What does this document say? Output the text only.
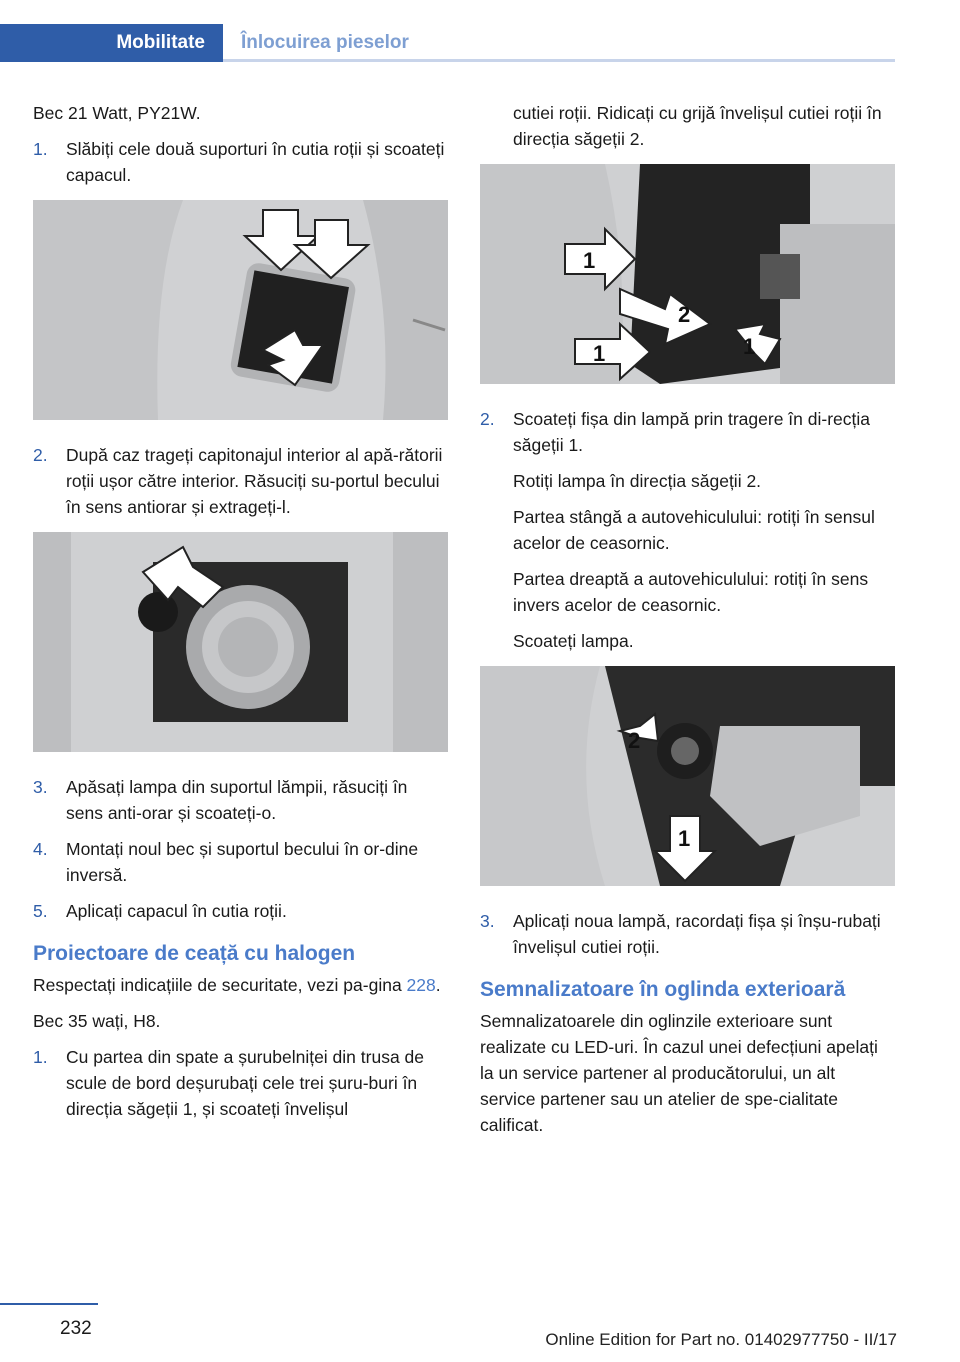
Mobilitate	Înlocuirea pieselor

Bec 21 Watt, PY21W.

1. Slăbiți cele două suporturi în cutia roții și scoateți capacul.
2. După caz trageți capitonajul interior al apă‐rătorii roții ușor către interior. Răsuciți su‐portul becului în sens antiorar și extrageți-l.
3. Apăsați lampa din suportul lămpii, răsuciți în sens anti-orar și scoateți-o.
4. Montați noul bec și suportul becului în or‐dine inversă.
5. Aplicați capacul în cutia roții.
Proiectoare de ceață cu halogen

Respectați indicațiile de securitate, vezi pa‐gina 228.

Bec 35 wați, H8.

1. Cu partea din spate a șurubelniței din trusa de scule de bord deșurubați cele trei șuru‐buri în direcția săgeții 1, și scoateți învelișul

cutiei roții. Ridicați cu grijă învelișul cutiei roții în direcția săgeții 2.

1
2
1	1
2. Scoateți fișa din lampă prin tragere în di‐recția săgeții 1.

Rotiți lampa în direcția săgeții 2.

Partea stângă a autovehiculului: rotiți în sensul acelor de ceasornic.

Partea dreaptă a autovehiculului: rotiți în sens invers acelor de ceasornic.

Scoateți lampa.

2
1
3. Aplicați noua lampă, racordați fișa și înșu‐rubați învelișul cutiei roții.
Semnalizatoare în oglinda exterioară

Semnalizatoarele din oglinzile exterioare sunt realizate cu LED-uri. În cazul unei defecțiuni apelați la un service partener al producătorului, un alt service partener sau un atelier de spe‐cialitate calificat.

232
Online Edition for Part no. 01402977750 - II/17
